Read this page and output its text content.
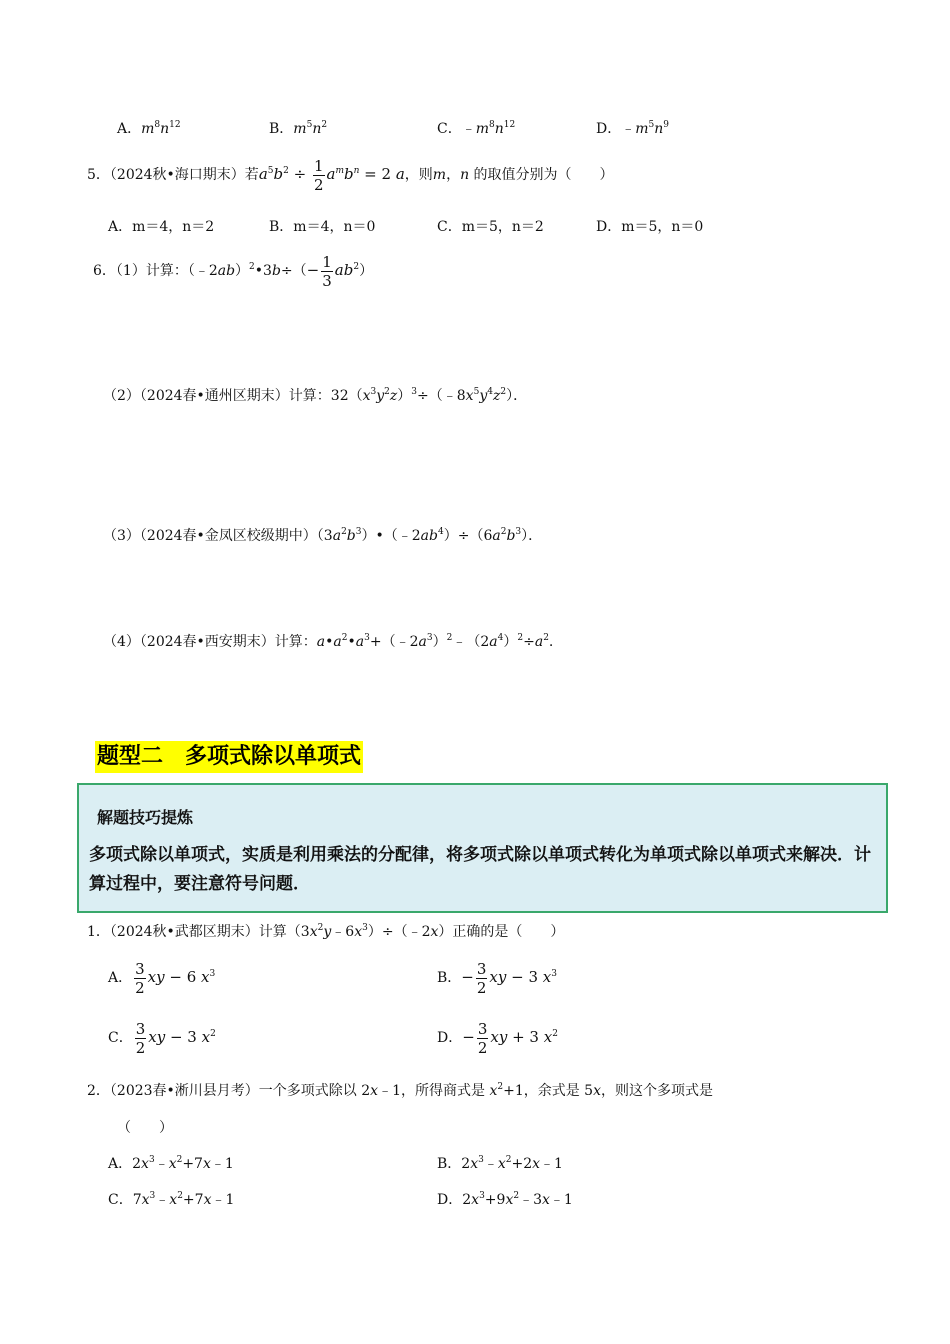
A．$m^8n^{12}$	B．$m^5n^2$	C．$﹣m^8n^{12}$	D．$﹣m^5n^9$
5．（2024秋•海口期末）若$a^5b^2 \div \frac{1}{2} a^mb^n = 2$ a，则m，n 的取值分别为（　　）
A．m＝4，n＝2	B．m＝4，n＝0	C．m＝5，n＝2	D．m＝5，n＝0
6．（1）计算：（﹣2ab）$^2$•3b÷（− $\frac{1}{3} ab^2$）
（2）（2024春•通州区期末）计算：$32(x^3y^2z)^3\div(﹣8x^5y^4z^2)$．
（3）（2024春•金凤区校级期中）$(3a^2b^3)•(﹣2ab^4)\div(6a^2b^3)$．
（4）（2024春•西安期末）计算：$a•a^2•a^3+(﹣2a^3)^2﹣(2a^4)^2\div a^2$.
题型二　多项式除以单项式
解题技巧提炼
多项式除以单项式，实质是利用乘法的分配律，将多项式除以单项式转化为单项式除以单项式来解决．计算过程中，要注意符号问题．
1．（2024秋•武都区期末）计算$(3x^2y﹣6x^3)\div(﹣2x)$正确的是（　　）
A． $\frac{3}{2}$ xy − 6 $x^3$	B．− $\frac{3}{2}$ xy − 3 $x^3$
C． $\frac{3}{2}$ xy − 3 $x^2$	D．− $\frac{3}{2}$ xy + 3 $x^2$
2．（2023春•淅川县月考）一个多项式除以 2x﹣1，所得商式是 $x^2+1$，余式是 5x，则这个多项式是
（　　）
A．$2x^3﹣x^2+7x﹣1$	B．$2x^3﹣x^2+2x﹣1$
C．$7x^3﹣x^2+7x﹣1$	D．$2x^3+9x^2﹣3x﹣1$
